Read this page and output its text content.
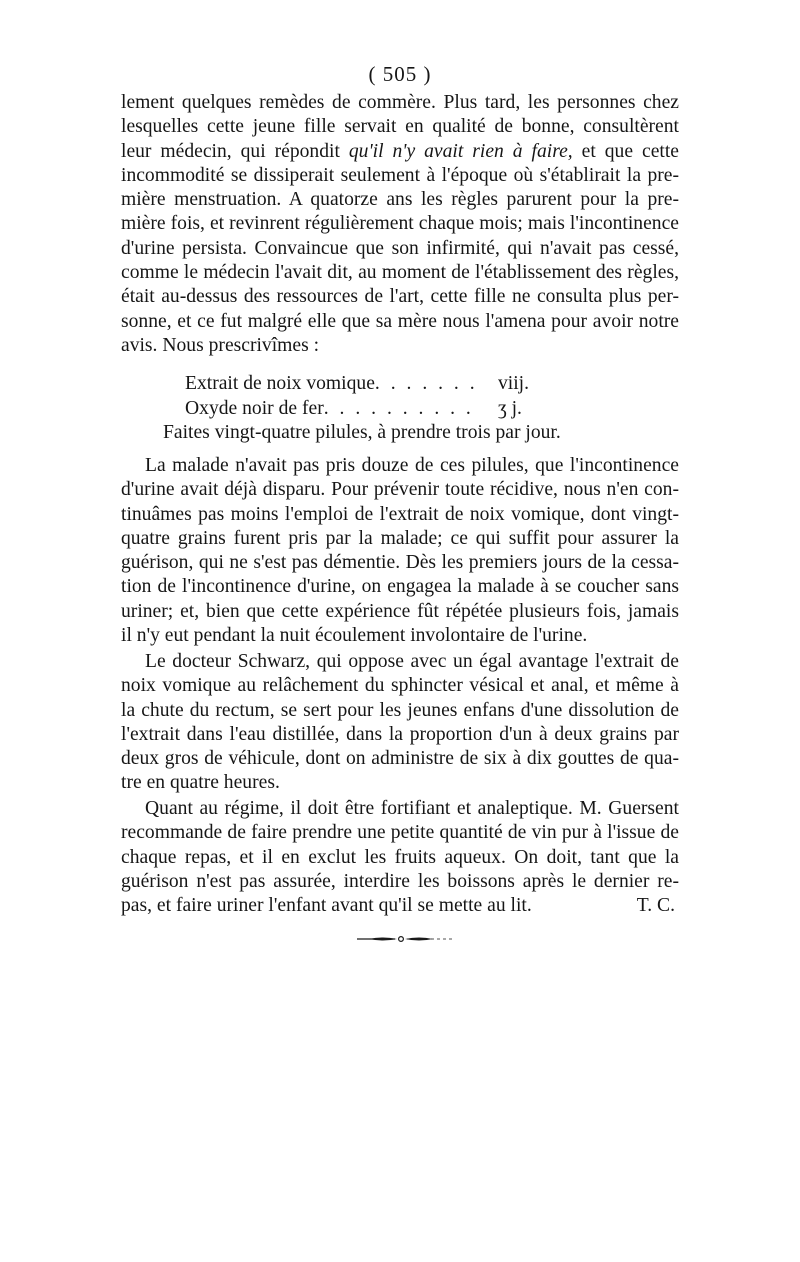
( 505 )
lement quelques remèdes de commère. Plus tard, les personnes chez
lesquelles cette jeune fille servait en qualité de bonne, consultèrent
leur médecin, qui répondit qu'il n'y avait rien à faire, et que cette
incommodité se dissiperait seulement à l'époque où s'établirait la pre-
mière menstruation. A quatorze ans les règles parurent pour la pre-
mière fois, et revinrent régulièrement chaque mois; mais l'incontinence
d'urine persista. Convaincue que son infirmité, qui n'avait pas cessé,
comme le médecin l'avait dit, au moment de l'établissement des règles,
était au-dessus des ressources de l'art, cette fille ne consulta plus per-
sonne, et ce fut malgré elle que sa mère nous l'amena pour avoir notre
avis. Nous prescrivîmes :
Extrait de noix vomique. . . . . . . viij.
Oxyde noir de fer. . . . . . . . . . ʒ j.
Faites vingt-quatre pilules, à prendre trois par jour.
La malade n'avait pas pris douze de ces pilules, que l'incontinence
d'urine avait déjà disparu. Pour prévenir toute récidive, nous n'en con-
tinuâmes pas moins l'emploi de l'extrait de noix vomique, dont vingt-
quatre grains furent pris par la malade; ce qui suffit pour assurer la
guérison, qui ne s'est pas démentie. Dès les premiers jours de la cessa-
tion de l'incontinence d'urine, on engagea la malade à se coucher sans
uriner; et, bien que cette expérience fût répétée plusieurs fois, jamais
il n'y eut pendant la nuit écoulement involontaire de l'urine.
Le docteur Schwarz, qui oppose avec un égal avantage l'extrait de
noix vomique au relâchement du sphincter vésical et anal, et même à
la chute du rectum, se sert pour les jeunes enfans d'une dissolution de
l'extrait dans l'eau distillée, dans la proportion d'un à deux grains par
deux gros de véhicule, dont on administre de six à dix gouttes de qua-
tre en quatre heures.
Quant au régime, il doit être fortifiant et analeptique. M. Guersent
recommande de faire prendre une petite quantité de vin pur à l'issue de
chaque repas, et il en exclut les fruits aqueux. On doit, tant que la
guérison n'est pas assurée, interdire les boissons après le dernier re-
pas, et faire uriner l'enfant avant qu'il se mette au lit.	T. C.
